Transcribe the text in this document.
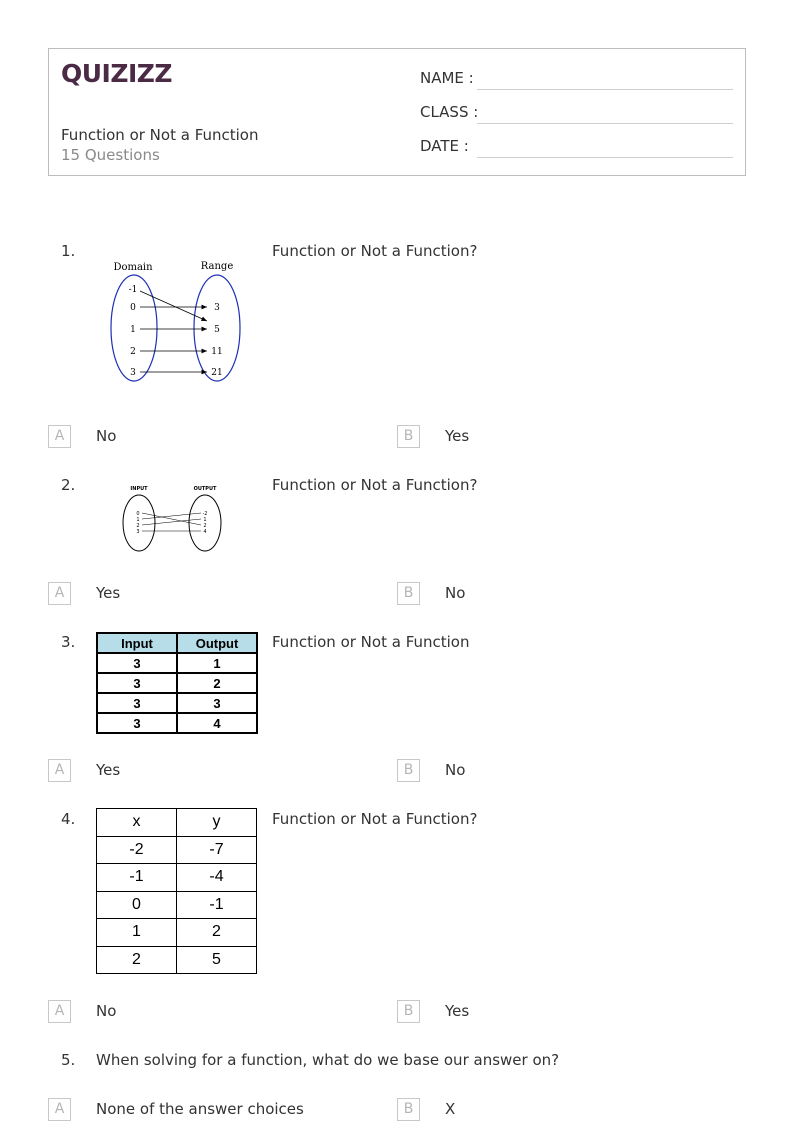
QUIZIZZ
Function or Not a Function
15 Questions
NAME :
CLASS :
DATE :
1.
Domain	Range
-1
0
1
2
3
3
5
11
21
Function or Not a Function?
A	No	B	Yes
2.	INPUT	OUTPUT
0
1
2
3
-2
1
2
4
Function or Not a Function?
A	Yes	B	No
3.	Input	Output
3	1
3	2
3	3
3	4
Function or Not a Function
A	Yes	B	No
4.	x	y
-2	-7
-1	-4
0	-1
1	2
2	5
Function or Not a Function?
A	No	B	Yes
5. When solving for a function, what do we base our answer on?
A	None of the answer choices	B	X
